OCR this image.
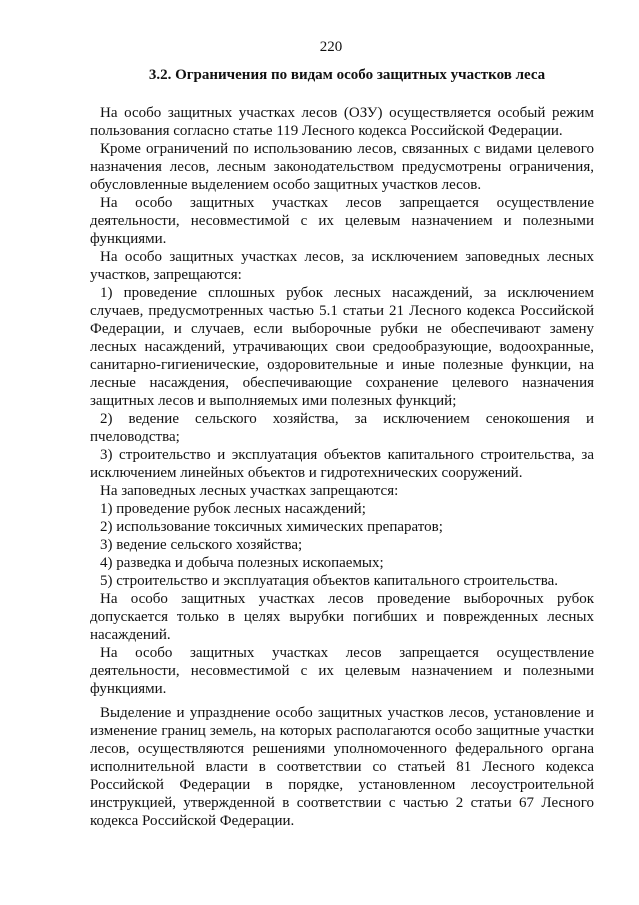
220
3.2. Ограничения по видам особо защитных участков леса

На особо защитных участках лесов (ОЗУ) осуществляется особый режим пользования согласно статье 119 Лесного кодекса Российской Федерации.

Кроме ограничений по использованию лесов, связанных с видами целевого назначения лесов, лесным законодательством предусмотрены ограничения, обусловленные выделением особо защитных участков лесов.

На особо защитных участках лесов запрещается осуществление деятельности, несовместимой с их целевым назначением и полезными функциями.

На особо защитных участках лесов, за исключением заповедных лесных участков, запрещаются:

1) проведение сплошных рубок лесных насаждений, за исключением случаев, предусмотренных частью 5.1 статьи 21 Лесного кодекса Российской Федерации, и случаев, если выборочные рубки не обеспечивают замену лесных насаждений, утрачивающих свои средообразующие, водоохранные, санитарно-гигиенические, оздоровительные и иные полезные функции, на лесные насаждения, обеспечивающие сохранение целевого назначения защитных лесов и выполняемых ими полезных функций;

2) ведение сельского хозяйства, за исключением сенокошения и пчеловодства;

3) строительство и эксплуатация объектов капитального строительства, за исключением линейных объектов и гидротехнических сооружений.

На заповедных лесных участках запрещаются:

1) проведение рубок лесных насаждений;

2) использование токсичных химических препаратов;

3) ведение сельского хозяйства;

4) разведка и добыча полезных ископаемых;

5) строительство и эксплуатация объектов капитального строительства.

На особо защитных участках лесов проведение выборочных рубок допускается только в целях вырубки погибших и поврежденных лесных насаждений.

На особо защитных участках лесов запрещается осуществление деятельности, несовместимой с их целевым назначением и полезными функциями.

Выделение и упразднение особо защитных участков лесов, установление и изменение границ земель, на которых располагаются особо защитные участки лесов, осуществляются решениями уполномоченного федерального органа исполнительной власти в соответствии со статьей 81 Лесного кодекса Российской Федерации в порядке, установленном лесоустроительной инструкцией, утвержденной в соответствии с частью 2 статьи 67 Лесного кодекса Российской Федерации.
